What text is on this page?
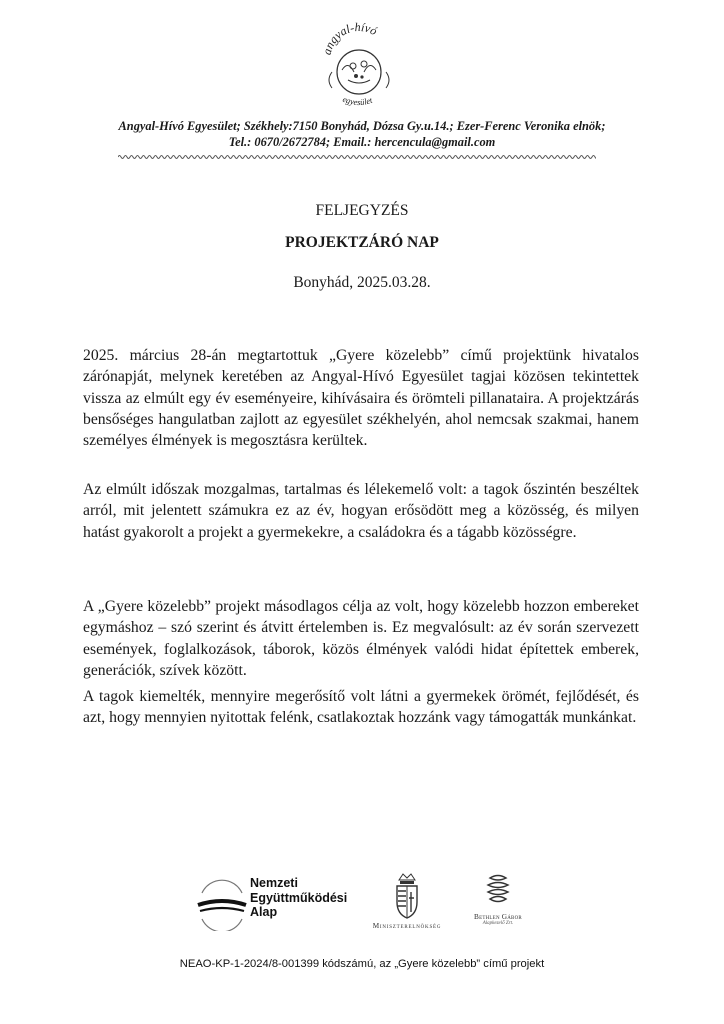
angyal-hívó
egyesület
Angyal-Hívó Egyesület; Székhely:7150 Bonyhád, Dózsa Gy.u.14.; Ezer-Ferenc Veronika elnök;
Tel.: 0670/2672784; Email.: hercencula@gmail.com
FELJEGYZÉS
PROJEKTZÁRÓ NAP
Bonyhád, 2025.03.28.

2025. március 28-án megtartottuk „Gyere közelebb” című projektünk hivatalos zárónapját, melynek keretében az Angyal-Hívó Egyesület tagjai közösen tekintettek vissza az elmúlt egy év eseményeire, kihívásaira és örömteli pillanataira. A projektzárás bensőséges hangulatban zajlott az egyesület székhelyén, ahol nemcsak szakmai, hanem személyes élmények is megosztásra kerültek.

Az elmúlt időszak mozgalmas, tartalmas és lélekemelő volt: a tagok őszintén beszéltek arról, mit jelentett számukra ez az év, hogyan erősödött meg a közösség, és milyen hatást gyakorolt a projekt a gyermekekre, a családokra és a tágabb közösségre.

A „Gyere közelebb” projekt másodlagos célja az volt, hogy közelebb hozzon embereket egymáshoz – szó szerint és átvitt értelemben is. Ez megvalósult: az év során szervezett események, foglalkozások, táborok, közös élmények valódi hidat építettek emberek, generációk, szívek között.

A tagok kiemelték, mennyire megerősítő volt látni a gyermekek örömét, fejlődését, és azt, hogy mennyien nyitottak felénk, csatlakoztak hozzánk vagy támogatták munkánkat.

Nemzeti
Együttműködési
Alap
Miniszterelnökség
Bethlen Gábor
Alapkezelő Zrt.
NEAO-KP-1-2024/8-001399 kódszámú, az „Gyere közelebb” című projekt
